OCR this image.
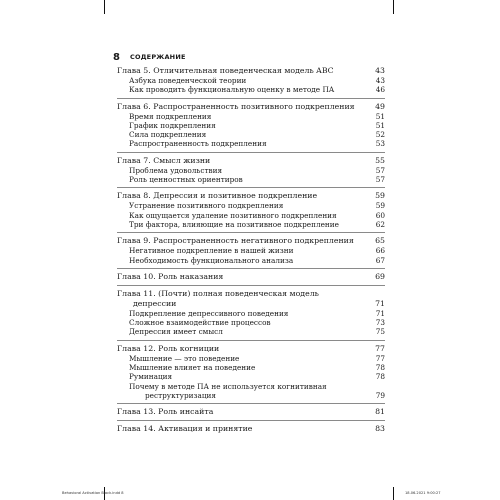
8 СОДЕРЖАНИЕ
Глава 5. Отличительная поведенческая модель ABC	43
Азбука поведенческой теории	43
Как проводить функциональную оценку в методе ПА	46
Глава 6. Распространенность позитивного подкрепления	49
Время подкрепления	51
График подкрепления	51
Сила подкрепления	52
Распространенность подкрепления	53
Глава 7. Смысл жизни	55
Проблема удовольствия	57
Роль ценностных ориентиров	57
Глава 8. Депрессия и позитивное подкрепление	59
Устранение позитивного подкрепления	59
Как ощущается удаление позитивного подкрепления	60
Три фактора, влияющие на позитивное подкрепление	62
Глава 9. Распространенность негативного подкрепления	65
Негативное подкрепление в нашей жизни	66
Необходимость функционального анализа	67
Глава 10. Роль наказания	69
Глава 11. (Почти) полная поведенческая модель
депрессии	71
Подкрепление депрессивного поведения	71
Сложное взаимодействие процессов	73
Депрессия имеет смысл	75
Глава 12. Роль когниции	77
Мышление — это поведение	77
Мышление влияет на поведение	78
Руминация	78
Почему в методе ПА не используется когнитивная
реструктуризация	79
Глава 13. Роль инсайта	81
Глава 14. Активация и принятие	83
Behavioral Activation Black.indd 8	18.06.2021 9:00:27
